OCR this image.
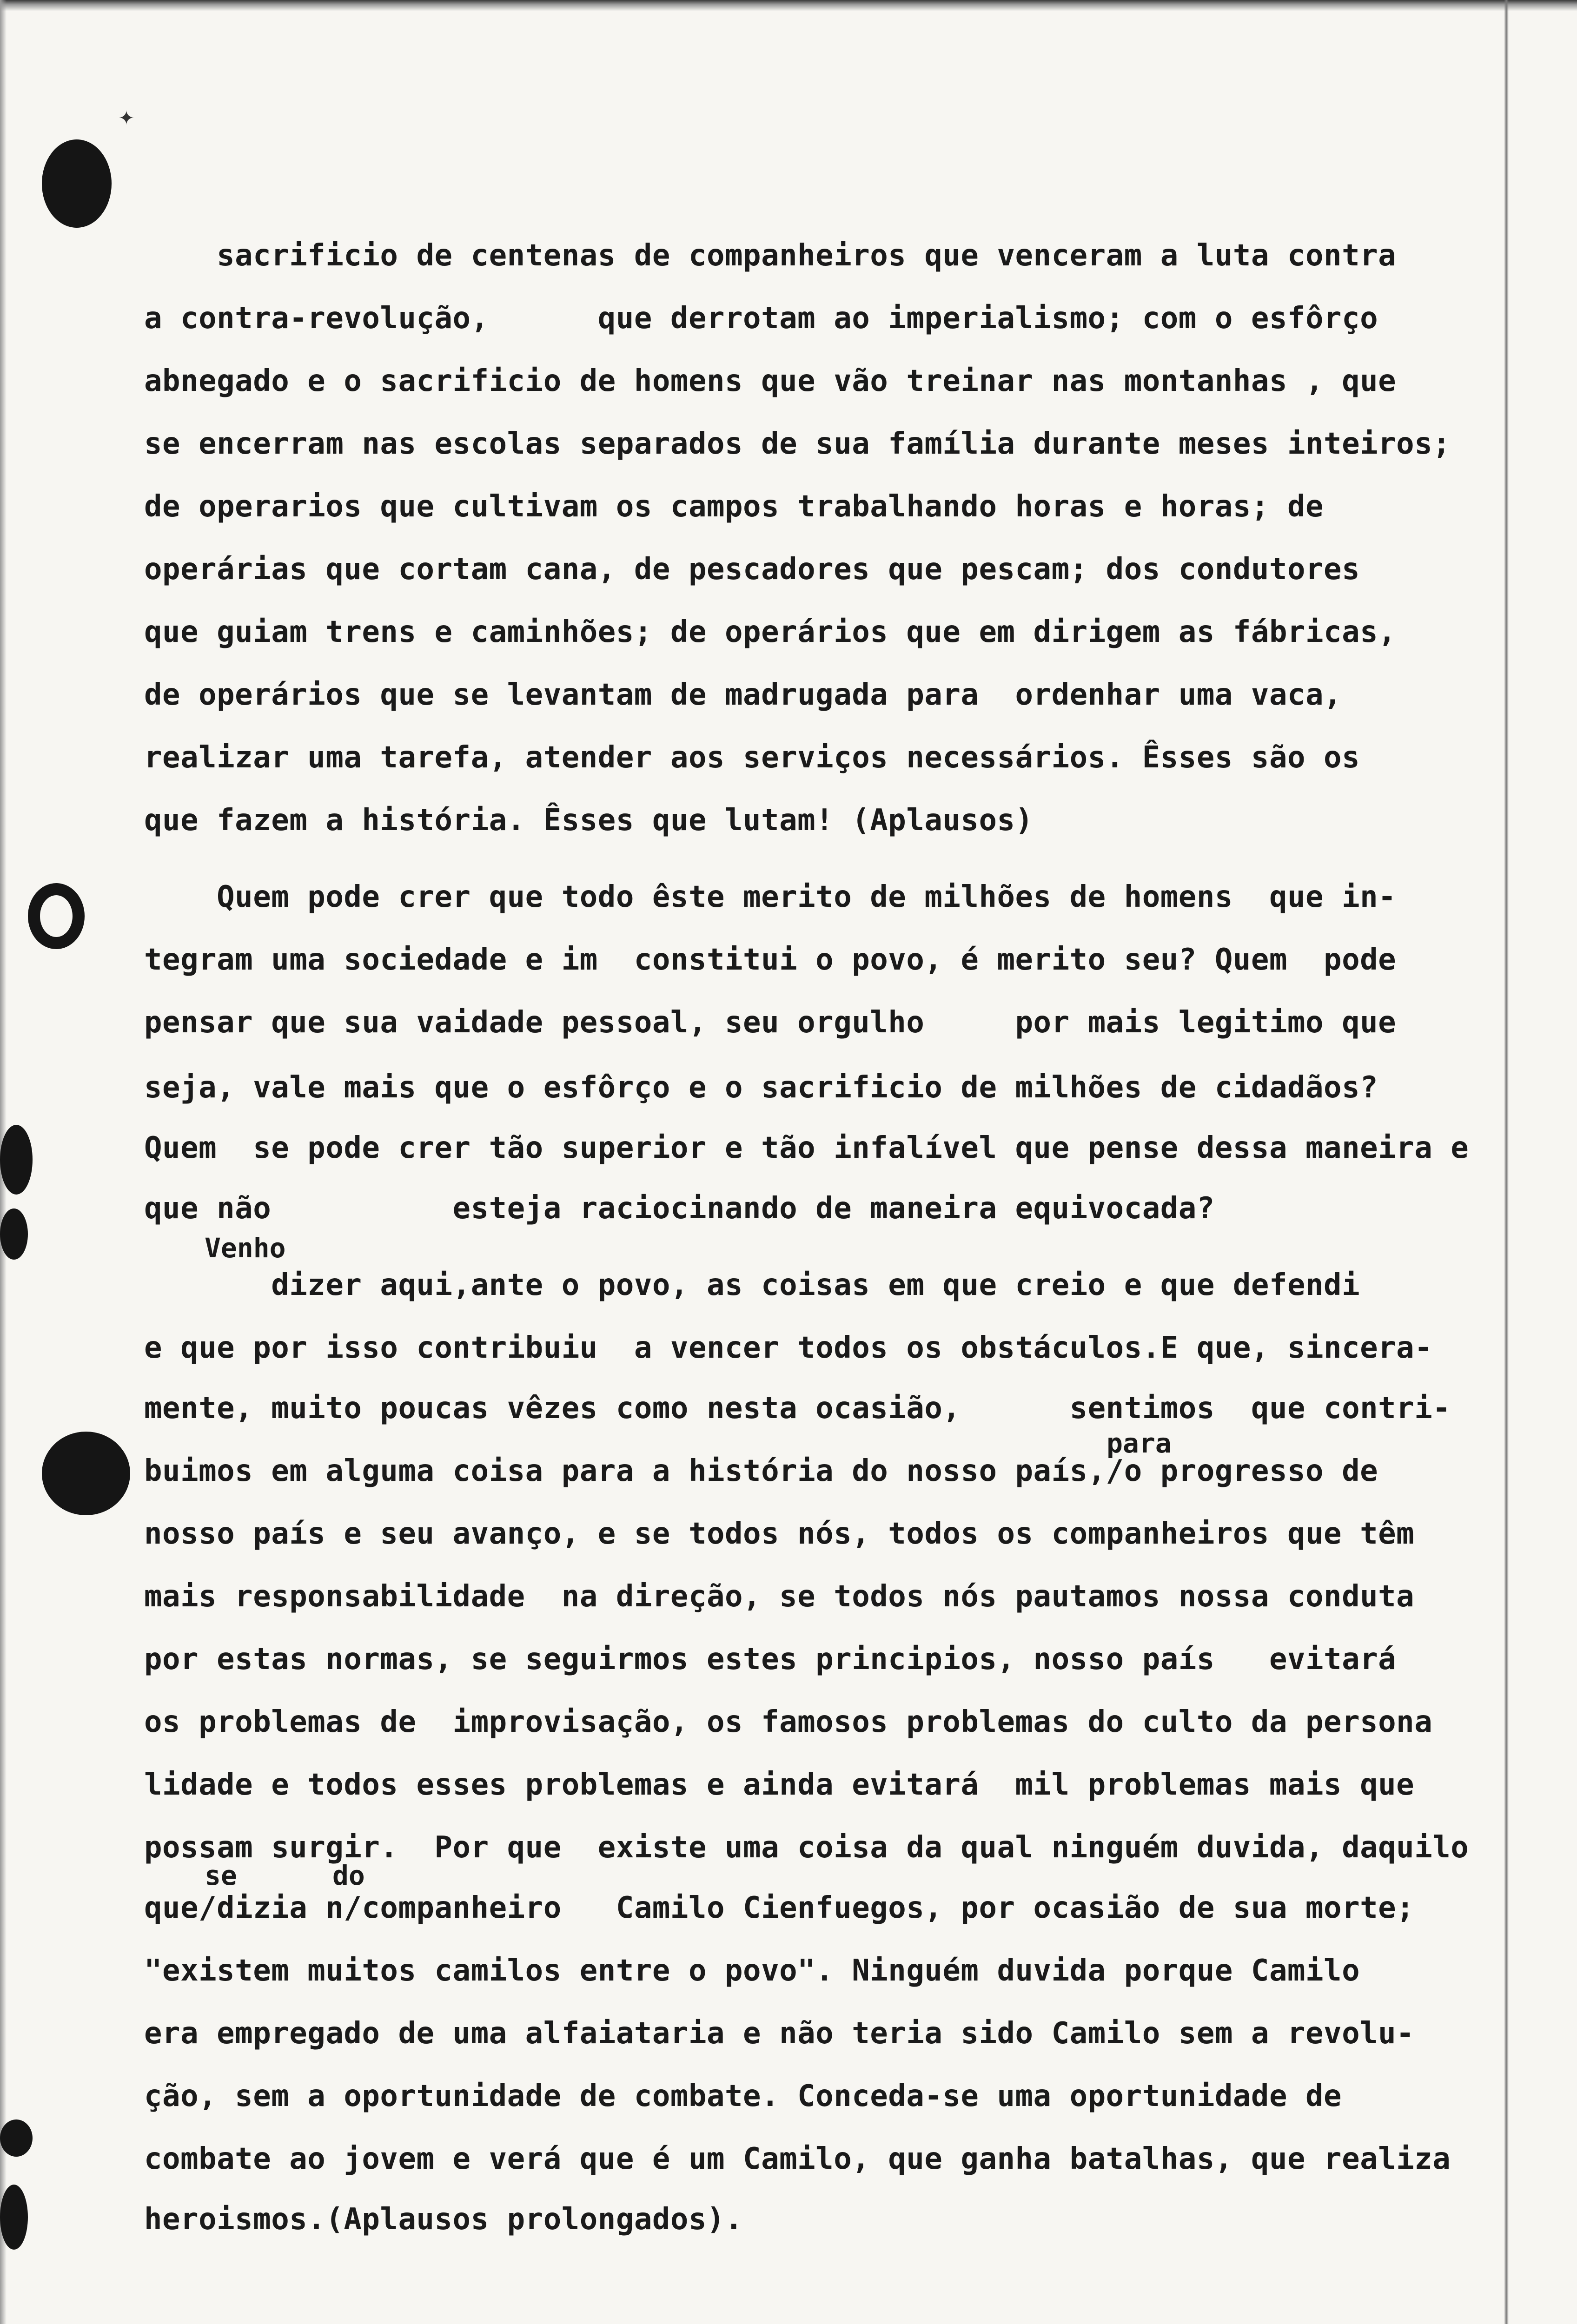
✦
sacrificio de centenas de companheiros que venceram a luta contra
a contra-revolução,      que derrotam ao imperialismo; com o esfôrço
abnegado e o sacrificio de homens que vão treinar nas montanhas , que
se encerram nas escolas separados de sua família durante meses inteiros;
de operarios que cultivam os campos trabalhando horas e horas; de
operárias que cortam cana, de pescadores que pescam; dos condutores
que guiam trens e caminhões; de operários que em dirigem as fábricas,
de operários que se levantam de madrugada para  ordenhar uma vaca,
realizar uma tarefa, atender aos serviços necessários. Êsses são os
que fazem a história. Êsses que lutam! (Aplausos)
Quem pode crer que todo êste merito de milhões de homens  que in-
tegram uma sociedade e im  constitui o povo, é merito seu? Quem  pode
pensar que sua vaidade pessoal, seu orgulho     por mais legitimo que
seja, vale mais que o esfôrço e o sacrificio de milhões de cidadãos?
Quem  se pode crer tão superior e tão infalível que pense dessa maneira e
que não          esteja raciocinando de maneira equivocada?
Venho
dizer aqui,ante o povo, as coisas em que creio e que defendi
e que por isso contribuiu  a vencer todos os obstáculos.E que, sincera-
mente, muito poucas vêzes como nesta ocasião,      sentimos  que contri-
para
buimos em alguma coisa para a história do nosso país,/o progresso de
nosso país e seu avanço, e se todos nós, todos os companheiros que têm
mais responsabilidade  na direção, se todos nós pautamos nossa conduta
por estas normas, se seguirmos estes principios, nosso país   evitará
os problemas de  improvisação, os famosos problemas do culto da persona
lidade e todos esses problemas e ainda evitará  mil problemas mais que
possam surgir.  Por que  existe uma coisa da qual ninguém duvida, daquilo
se	do
que/dizia n/companheiro   Camilo Cienfuegos, por ocasião de sua morte;
"existem muitos camilos entre o povo". Ninguém duvida porque Camilo
era empregado de uma alfaiataria e não teria sido Camilo sem a revolu-
ção, sem a oportunidade de combate. Conceda-se uma oportunidade de
combate ao jovem e verá que é um Camilo, que ganha batalhas, que realiza
heroismos.(Aplausos prolongados).
